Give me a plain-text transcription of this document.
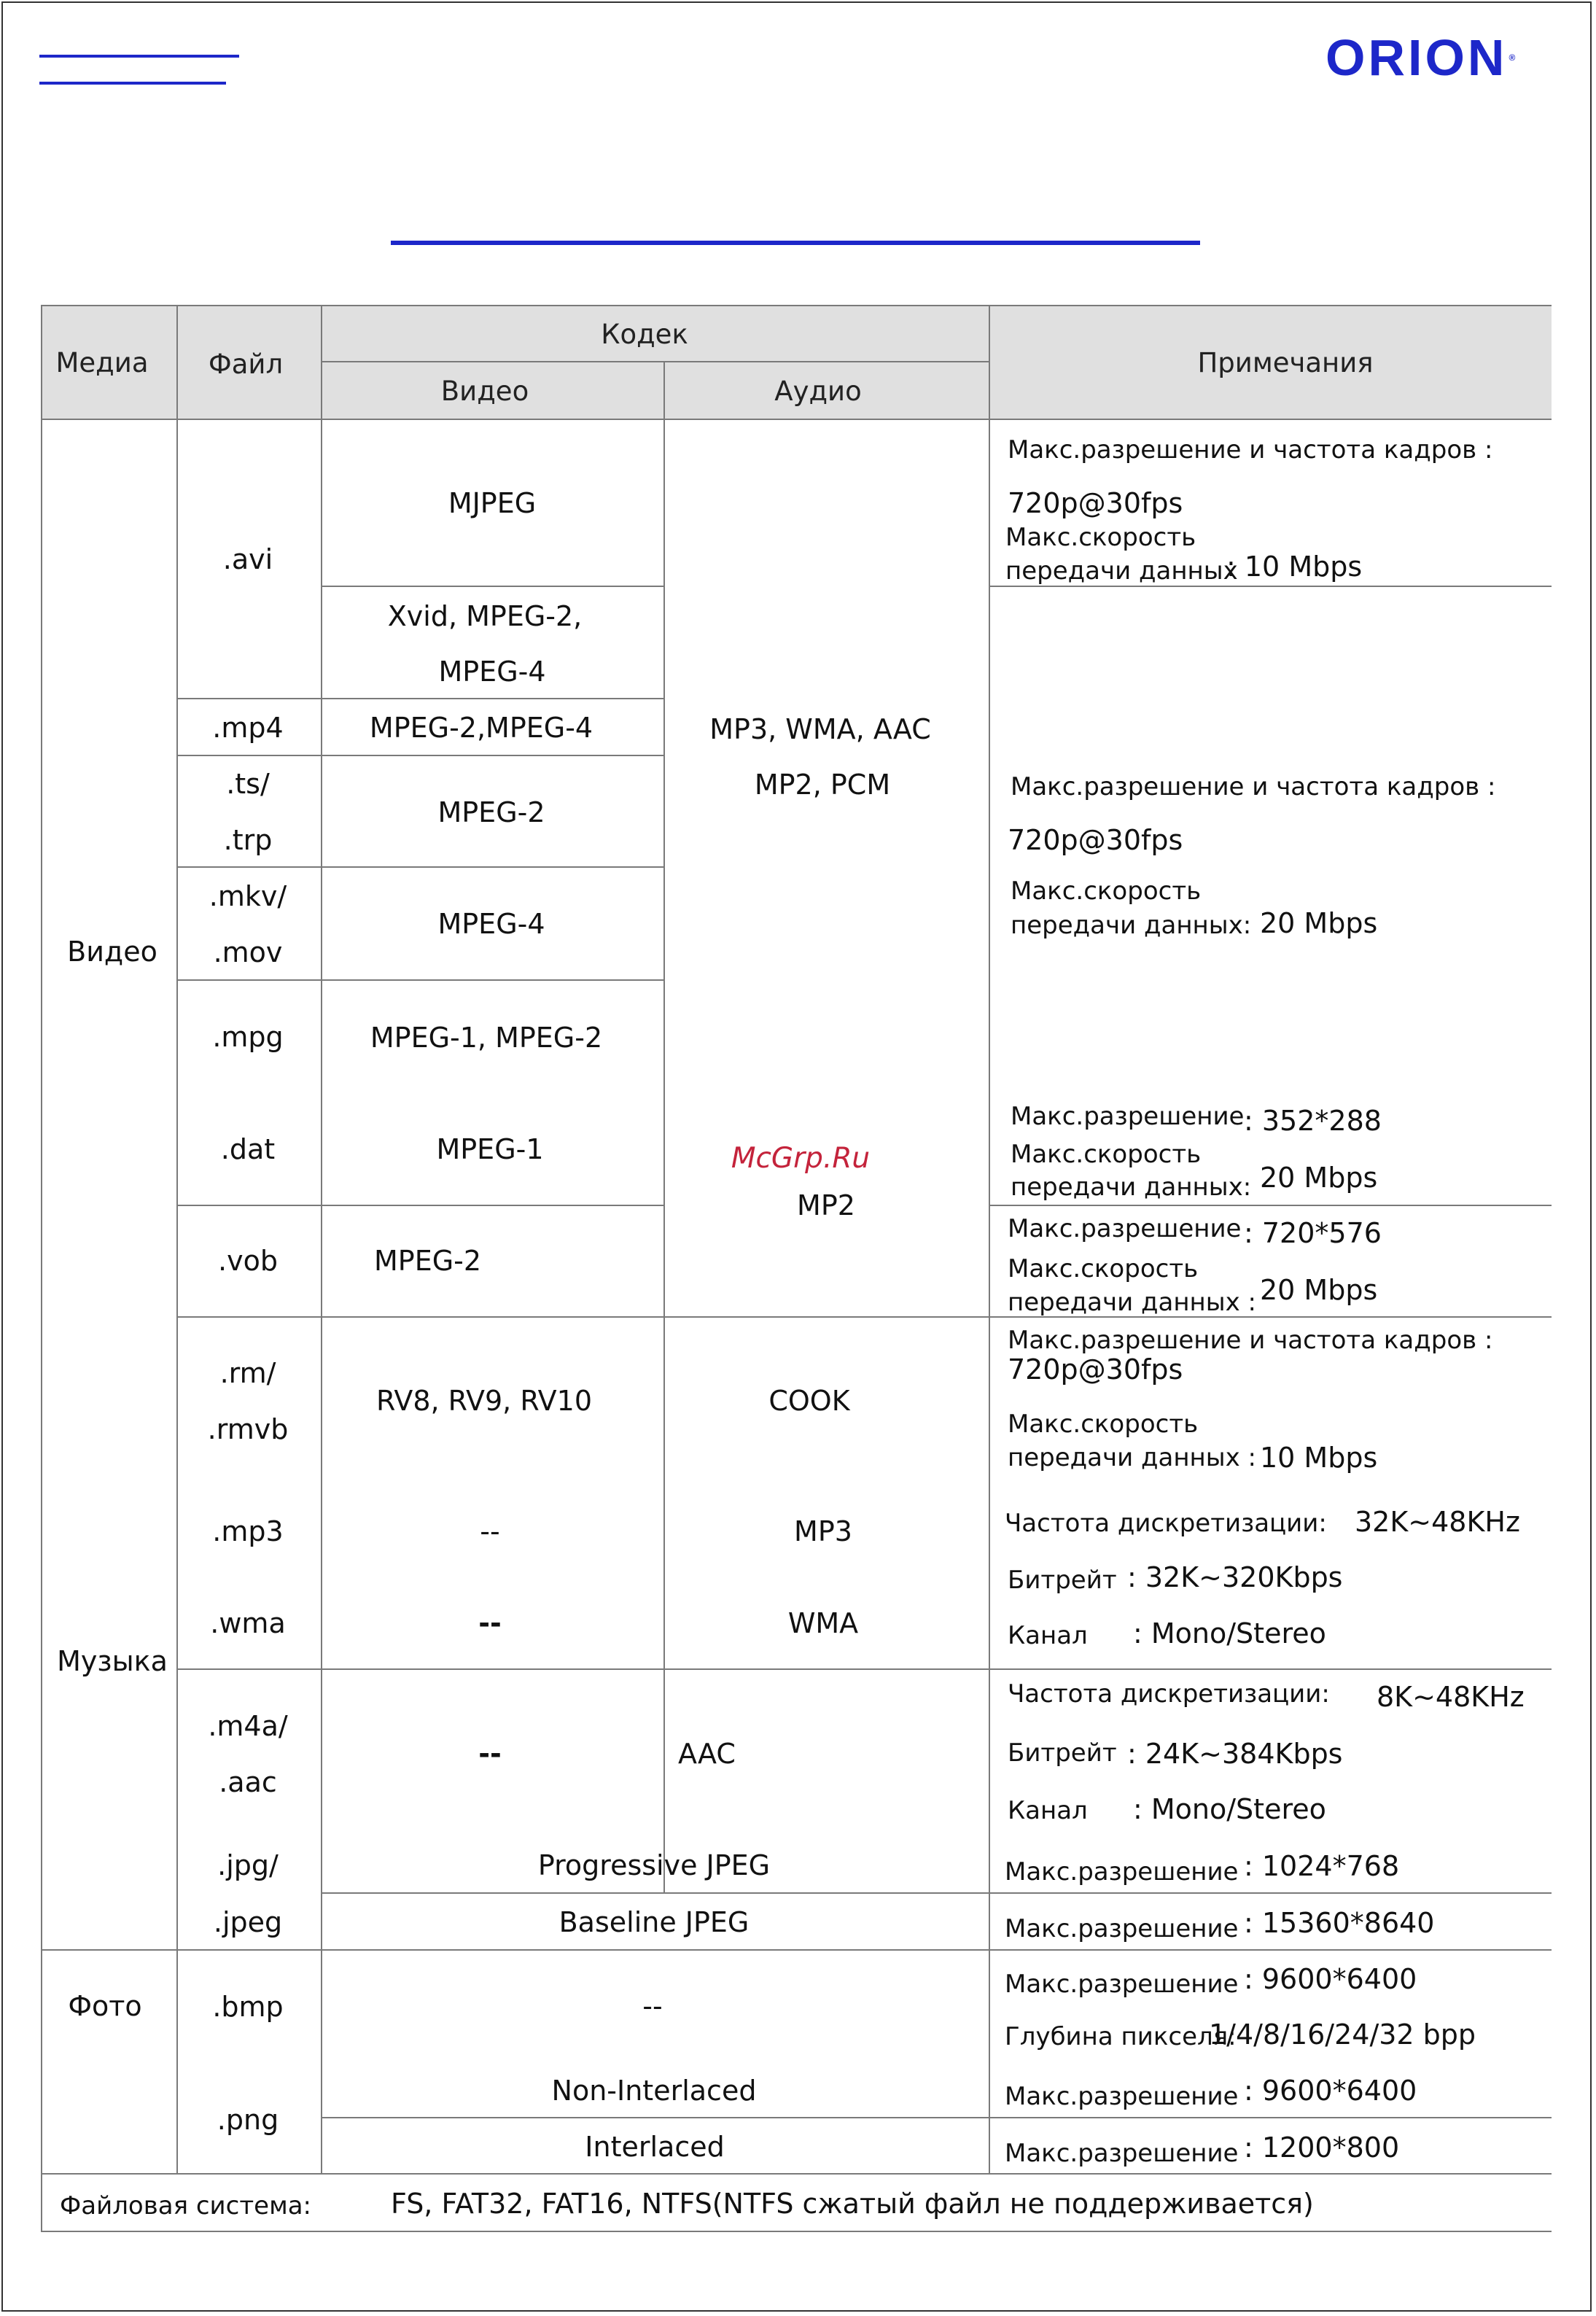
ORION ®
Медиа Файл
Кодек
Видео	Аудио
Примечания
Видео
Музыка
Фото
.avi
.mp4
.ts/
.trp
.mkv/
.mov
.mpg
.dat
.vob
.rm/
.rmvb
.mp3
.wma
.m4a/
.aac
.jpg/
.jpeg
.bmp
.png
MJPEG
Xvid, MPEG-2,
MPEG-4
MPEG-2,MPEG-4
MPEG-2
MPEG-4
MPEG-1, MPEG-2
MPEG-1
MPEG-2
RV8, RV9, RV10
--
--
--
Progressive JPEG
Baseline JPEG
--
Non-Interlaced
Interlaced
MP3, WMA, AAC
MP2, PCM
McGrp.Ru
MP2
COOK
MP3
WMA
AAC
Макс.разрешение и частота кадров :
720p@30fps
Макс.скорость
передачи данных
: 10 Mbps
Макс.разрешение и частота кадров :
720p@30fps
Макс.скорость
передачи данных: 20 Mbps
Макс.разрешение : 352*288
Макс.скорость
передачи данных: 20 Mbps
Макс.разрешение : 720*576
Макс.скорость
передачи данных : 20 Mbps
Макс.разрешение и частота кадров :
720p@30fps
Макс.скорость
передачи данных : 10 Mbps
Частота дискретизации: 32K~48KHz
Битрейт : 32K~320Kbps
Канал : Mono/Stereo
Частота дискретизации: 8K~48KHz
Битрейт : 24K~384Kbps
Канал : Mono/Stereo
Макс.разрешение : 1024*768
Макс.разрешение : 15360*8640
Макс.разрешение : 9600*6400
Глубина пикселя:
1/4/8/16/24/32 bpp
Макс.разрешение : 9600*6400
Макс.разрешение : 1200*800
Файловая система:	FS, FAT32, FAT16, NTFS(NTFS сжатый файл не поддерживается)
